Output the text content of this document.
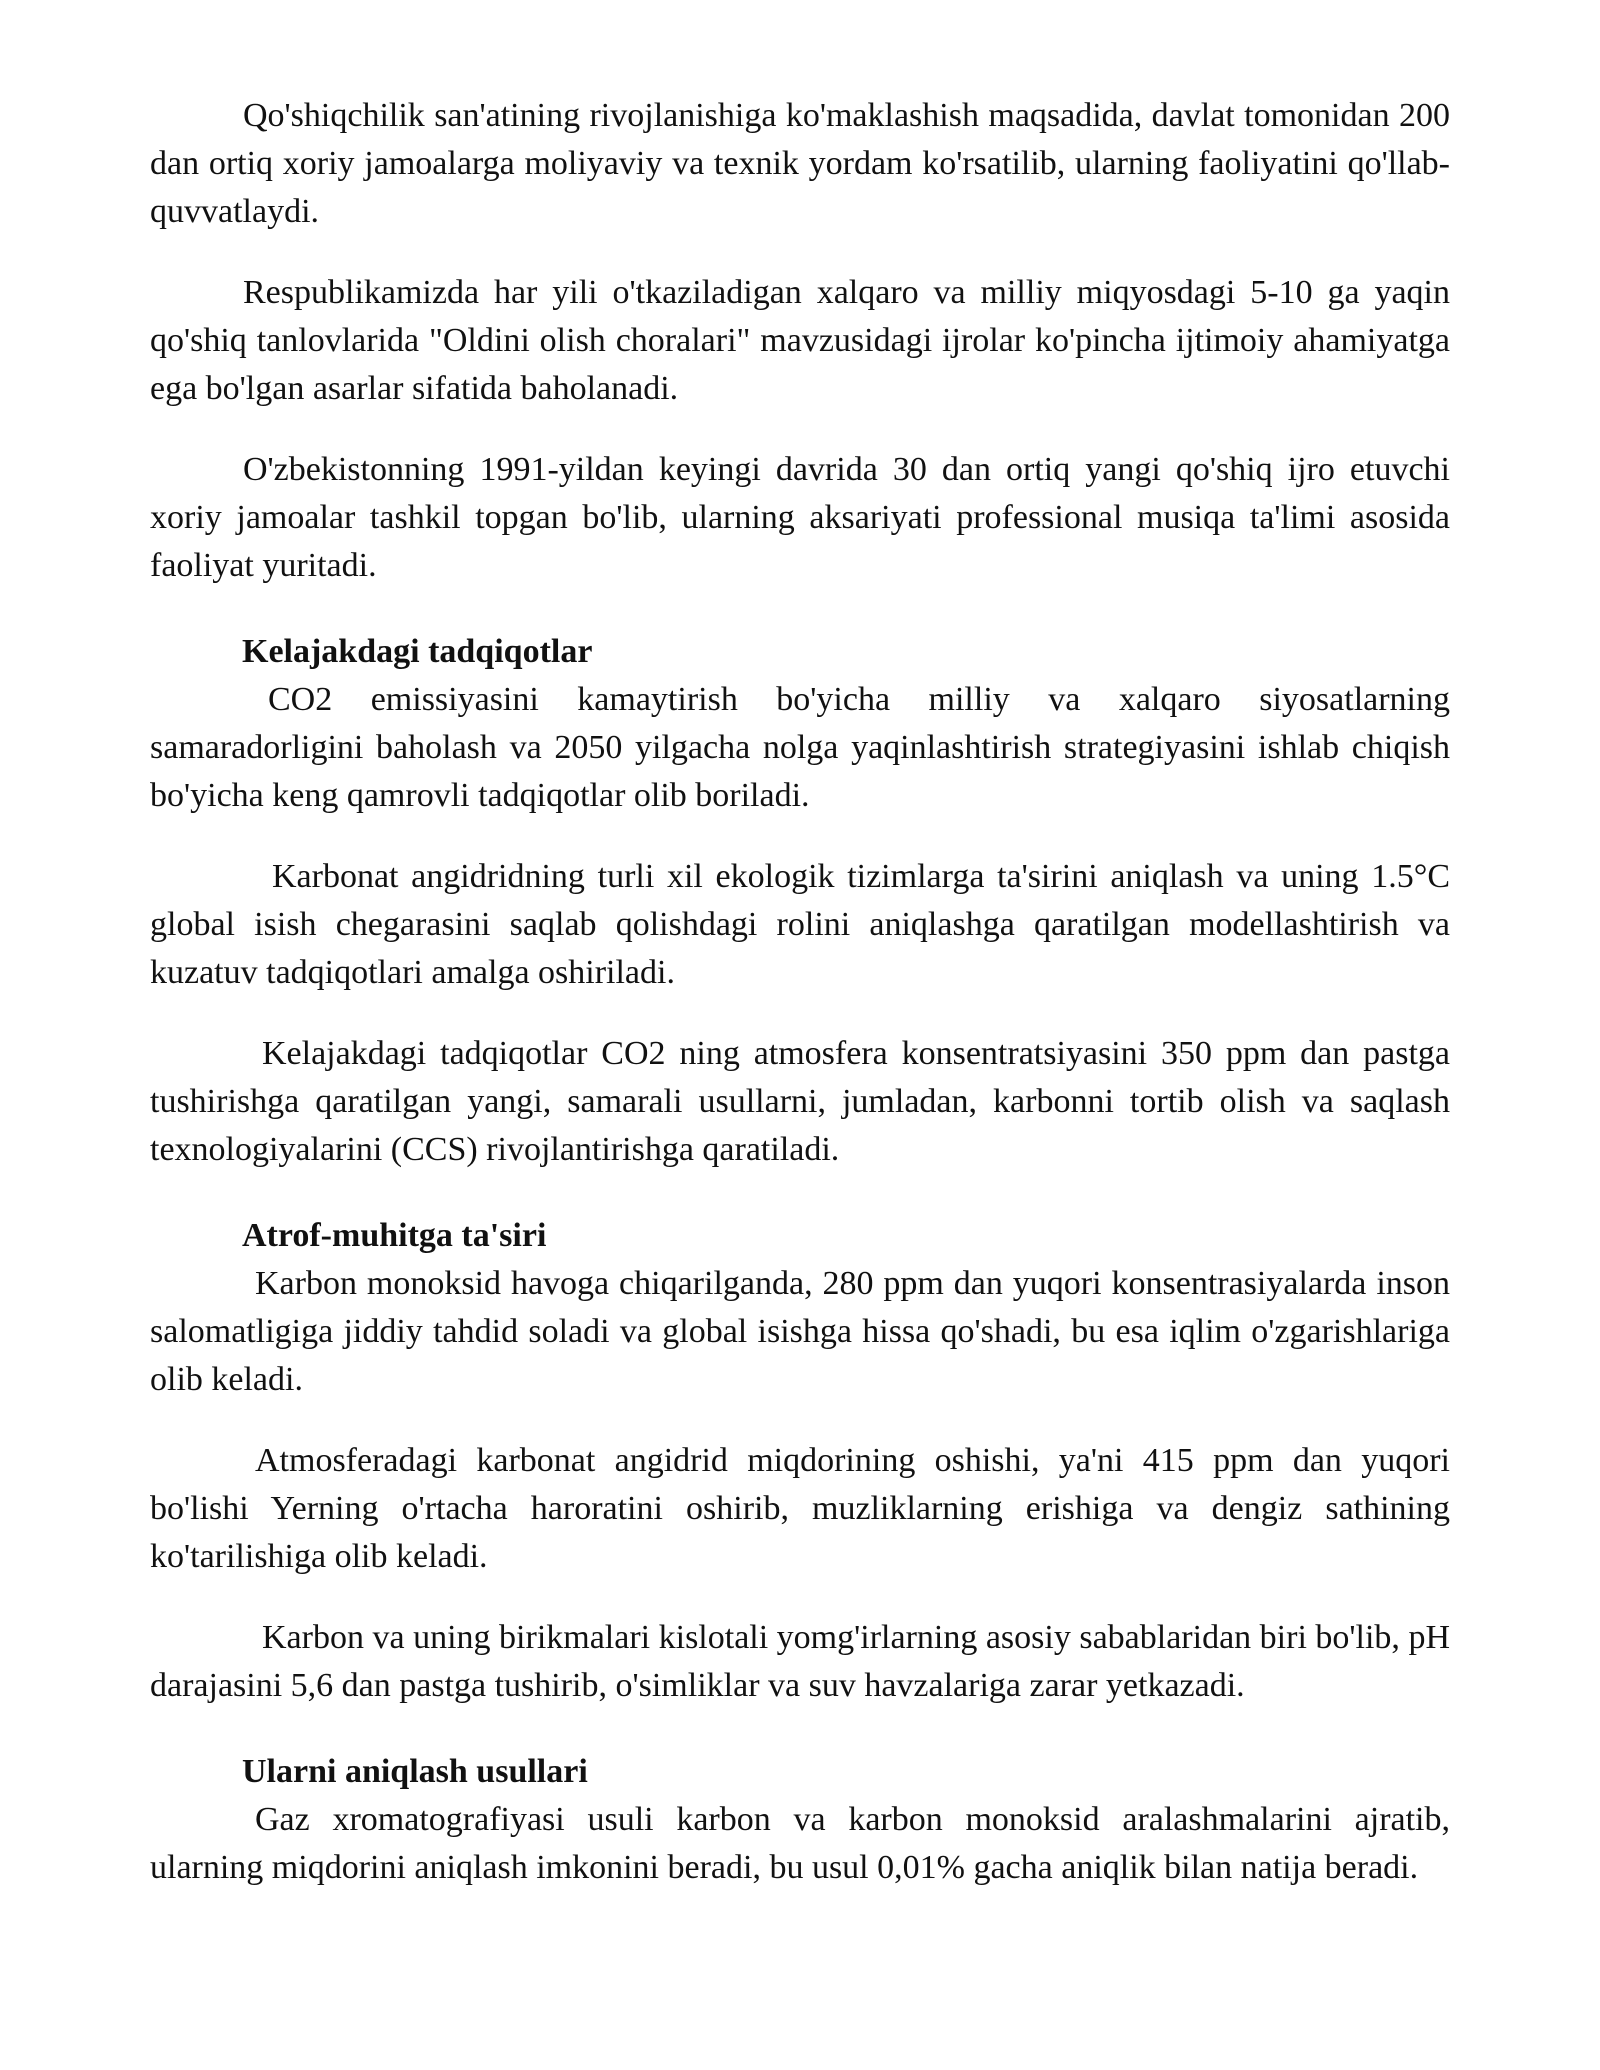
Qo'shiqchilik san'atining rivojlanishiga ko'maklashish maqsadida, davlat tomonidan 200 dan ortiq xoriy jamoalarga moliyaviy va texnik yordam ko'rsatilib, ularning faoliyatini qo'llab-quvvatlaydi.

Respublikamizda har yili o'tkaziladigan xalqaro va milliy miqyosdagi 5-10 ga yaqin qo'shiq tanlovlarida "Oldini olish choralari" mavzusidagi ijrolar ko'pincha ijtimoiy ahamiyatga ega bo'lgan asarlar sifatida baholanadi.

O'zbekistonning 1991-yildan keyingi davrida 30 dan ortiq yangi qo'shiq ijro etuvchi xoriy jamoalar tashkil topgan bo'lib, ularning aksariyati professional musiqa ta'limi asosida faoliyat yuritadi.

Kelajakdagi tadqiqotlar

CO2 emissiyasini kamaytirish bo'yicha milliy va xalqaro siyosatlarning samaradorligini baholash va 2050 yilgacha nolga yaqinlashtirish strategiyasini ishlab chiqish bo'yicha keng qamrovli tadqiqotlar olib boriladi.

Karbonat angidridning turli xil ekologik tizimlarga ta'sirini aniqlash va uning 1.5°C global isish chegarasini saqlab qolishdagi rolini aniqlashga qaratilgan modellashtirish va kuzatuv tadqiqotlari amalga oshiriladi.

Kelajakdagi tadqiqotlar CO2 ning atmosfera konsentratsiyasini 350 ppm dan pastga tushirishga qaratilgan yangi, samarali usullarni, jumladan, karbonni tortib olish va saqlash texnologiyalarini (CCS) rivojlantirishga qaratiladi.

Atrof-muhitga ta'siri

Karbon monoksid havoga chiqarilganda, 280 ppm dan yuqori konsentrasiyalarda inson salomatligiga jiddiy tahdid soladi va global isishga hissa qo'shadi, bu esa iqlim o'zgarishlariga olib keladi.

Atmosferadagi karbonat angidrid miqdorining oshishi, ya'ni 415 ppm dan yuqori bo'lishi Yerning o'rtacha haroratini oshirib, muzliklarning erishiga va dengiz sathining ko'tarilishiga olib keladi.

Karbon va uning birikmalari kislotali yomg'irlarning asosiy sabablaridan biri bo'lib, pH darajasini 5,6 dan pastga tushirib, o'simliklar va suv havzalariga zarar yetkazadi.

Ularni aniqlash usullari

Gaz xromatografiyasi usuli karbon va karbon monoksid aralashmalarini ajratib, ularning miqdorini aniqlash imkonini beradi, bu usul 0,01% gacha aniqlik bilan natija beradi.
